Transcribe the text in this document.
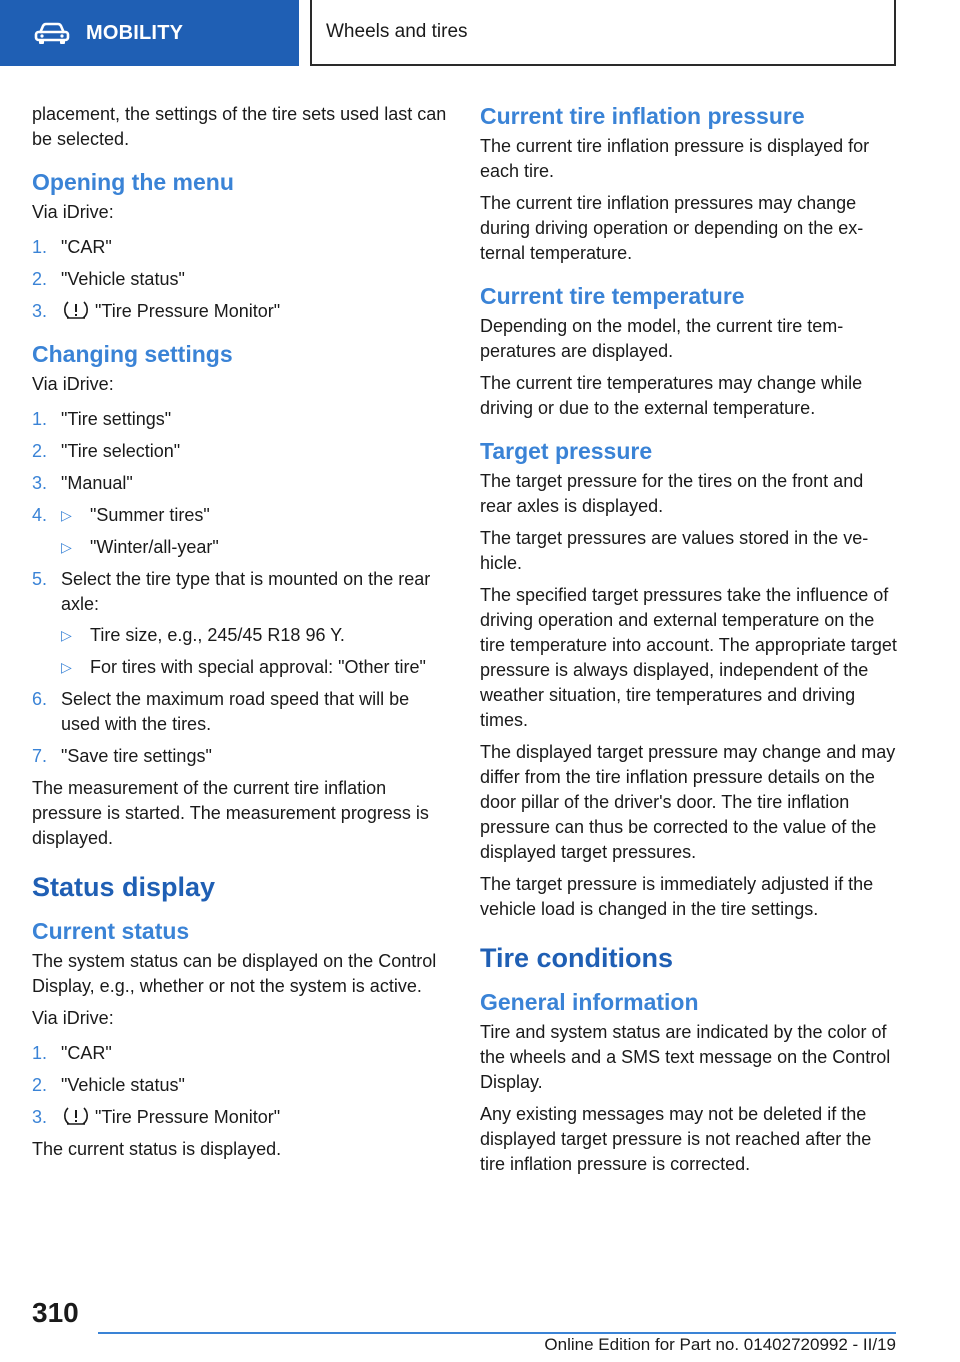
MOBILITY	Wheels and tires

placement, the settings of the tire sets used last can be selected.

Opening the menu

Via iDrive:

1. "CAR"
2. "Vehicle status"
3.	"Tire Pressure Monitor"
Changing settings

Via iDrive:

1. "Tire settings"
2. "Tire selection"
3. "Manual"
4. ▷ "Summer tires"
▷ "Winter/all-year"
5. Select the tire type that is mounted on the rear axle:
▷ Tire size, e.g., 245/45 R18 96 Y.
▷ For tires with special approval: "Other tire"
6. Select the maximum road speed that will be used with the tires.
7. "Save tire settings"

The measurement of the current tire inflation pressure is started. The measurement progress is displayed.

Status display
Current status

The system status can be displayed on the Control Display, e.g., whether or not the system is active.

Via iDrive:

1. "CAR"
2. "Vehicle status"
3.	"Tire Pressure Monitor"

The current status is displayed.

Current tire inflation pressure

The current tire inflation pressure is displayed for each tire.

The current tire inflation pressures may change during driving operation or depending on the external temperature.

Current tire temperature

Depending on the model, the current tire temperatures are displayed.

The current tire temperatures may change while driving or due to the external temperature.

Target pressure

The target pressure for the tires on the front and rear axles is displayed.

The target pressures are values stored in the vehicle.

The specified target pressures take the influence of driving operation and external temperature on the tire temperature into account. The appropriate target pressure is always displayed, independent of the weather situation, tire temperatures and driving times.

The displayed target pressure may change and may differ from the tire inflation pressure details on the door pillar of the driver's door. The tire inflation pressure can thus be corrected to the value of the displayed target pressures.

The target pressure is immediately adjusted if the vehicle load is changed in the tire settings.

Tire conditions
General information

Tire and system status are indicated by the color of the wheels and a SMS text message on the Control Display.

Any existing messages may not be deleted if the displayed target pressure is not reached after the tire inflation pressure is corrected.

310
Online Edition for Part no. 01402720992 - II/19
